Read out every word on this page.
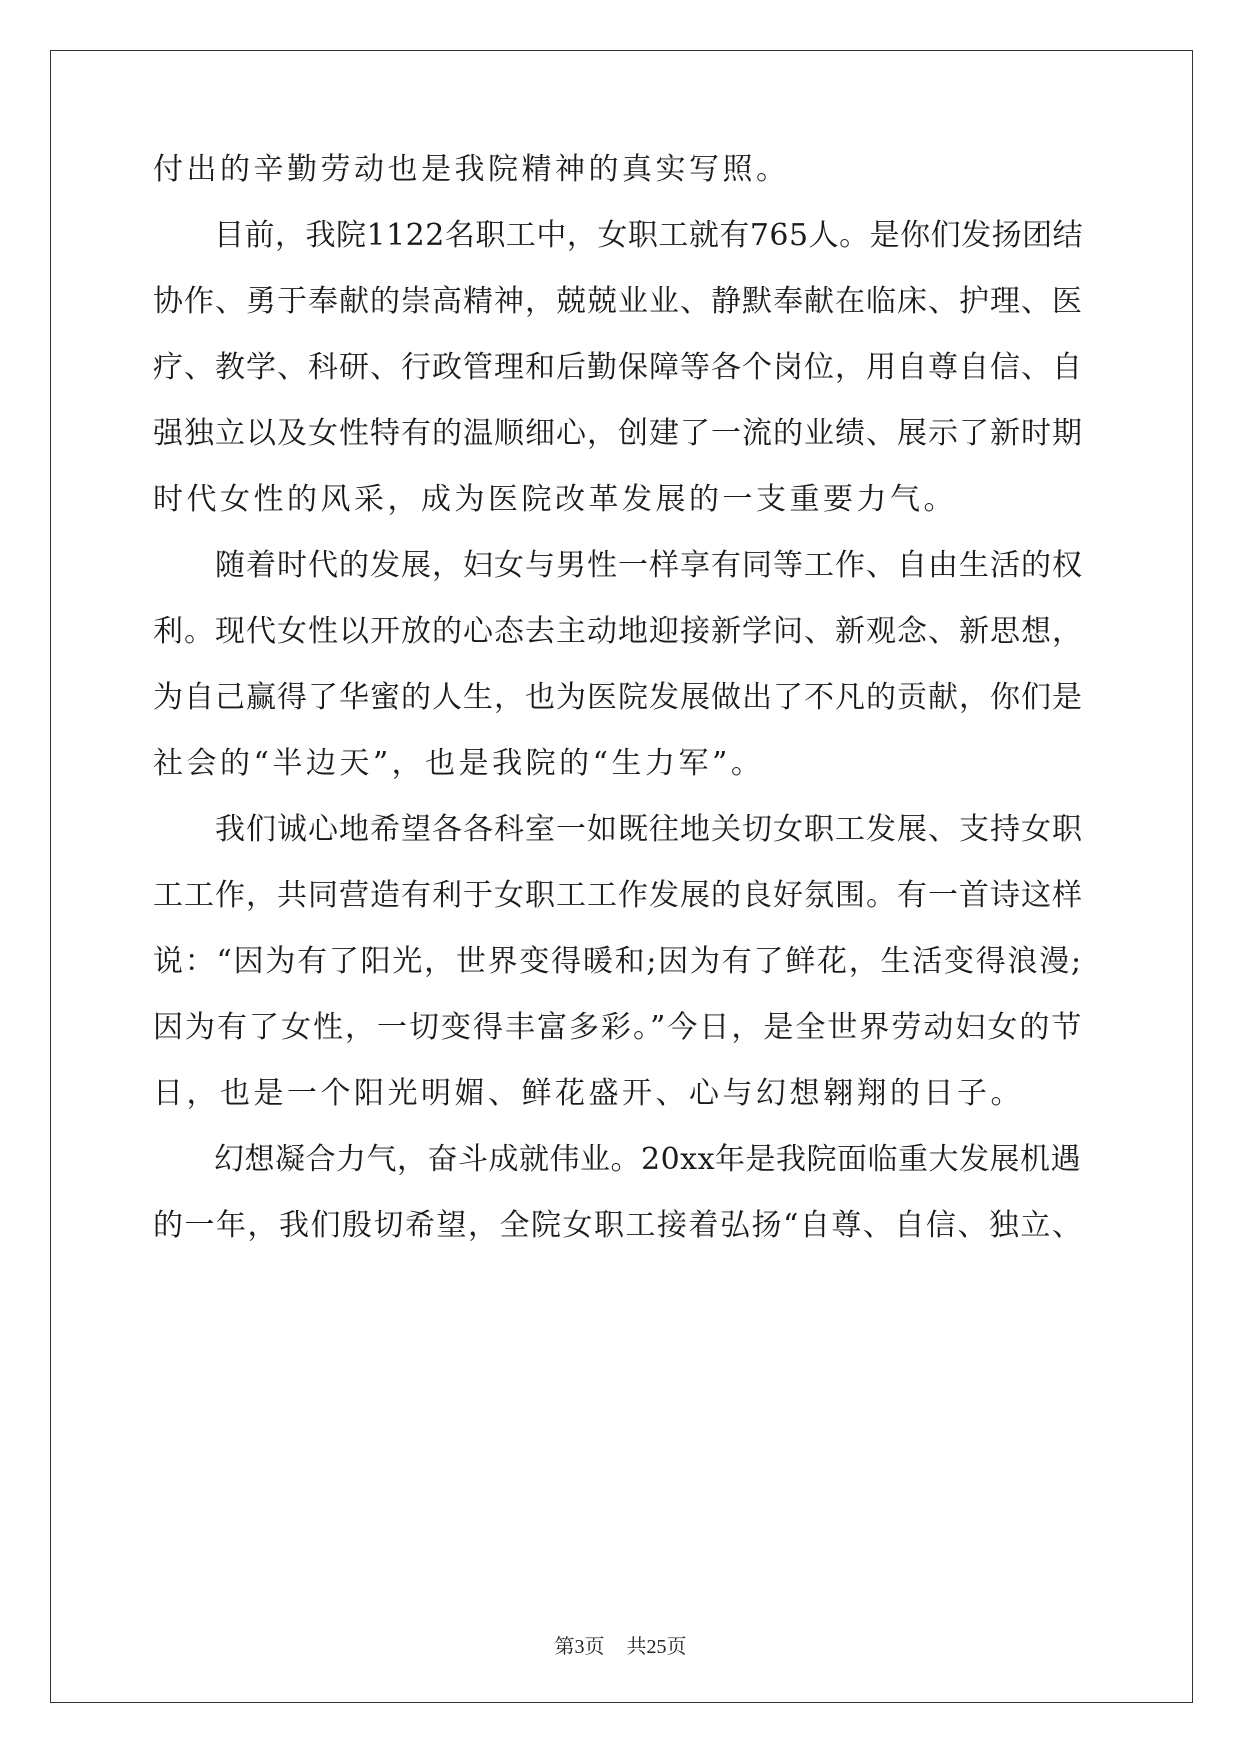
付出的辛勤劳动也是我院精神的真实写照。
　　目前，我院1122名职工中，女职工就有765人。是你们发扬团结
协作、勇于奉献的崇高精神，兢兢业业、静默奉献在临床、护理、医
疗、教学、科研、行政管理和后勤保障等各个岗位，用自尊自信、自
强独立以及女性特有的温顺细心，创建了一流的业绩、展示了新时期
时代女性的风采，成为医院改革发展的一支重要力气。
　　随着时代的发展，妇女与男性一样享有同等工作、自由生活的权
利。现代女性以开放的心态去主动地迎接新学问、新观念、新思想，
为自己赢得了华蜜的人生，也为医院发展做出了不凡的贡献，你们是
社会的“半边天”，也是我院的“生力军”。
　　我们诚心地希望各各科室一如既往地关切女职工发展、支持女职
工工作，共同营造有利于女职工工作发展的良好氛围。有一首诗这样
说：“因为有了阳光，世界变得暖和;因为有了鲜花，生活变得浪漫;
因为有了女性，一切变得丰富多彩。”今日，是全世界劳动妇女的节
日，也是一个阳光明媚、鲜花盛开、心与幻想翱翔的日子。
　　幻想凝合力气，奋斗成就伟业。20xx年是我院面临重大发展机遇
的一年，我们殷切希望，全院女职工接着弘扬“自尊、自信、独立、
第3页 共25页
